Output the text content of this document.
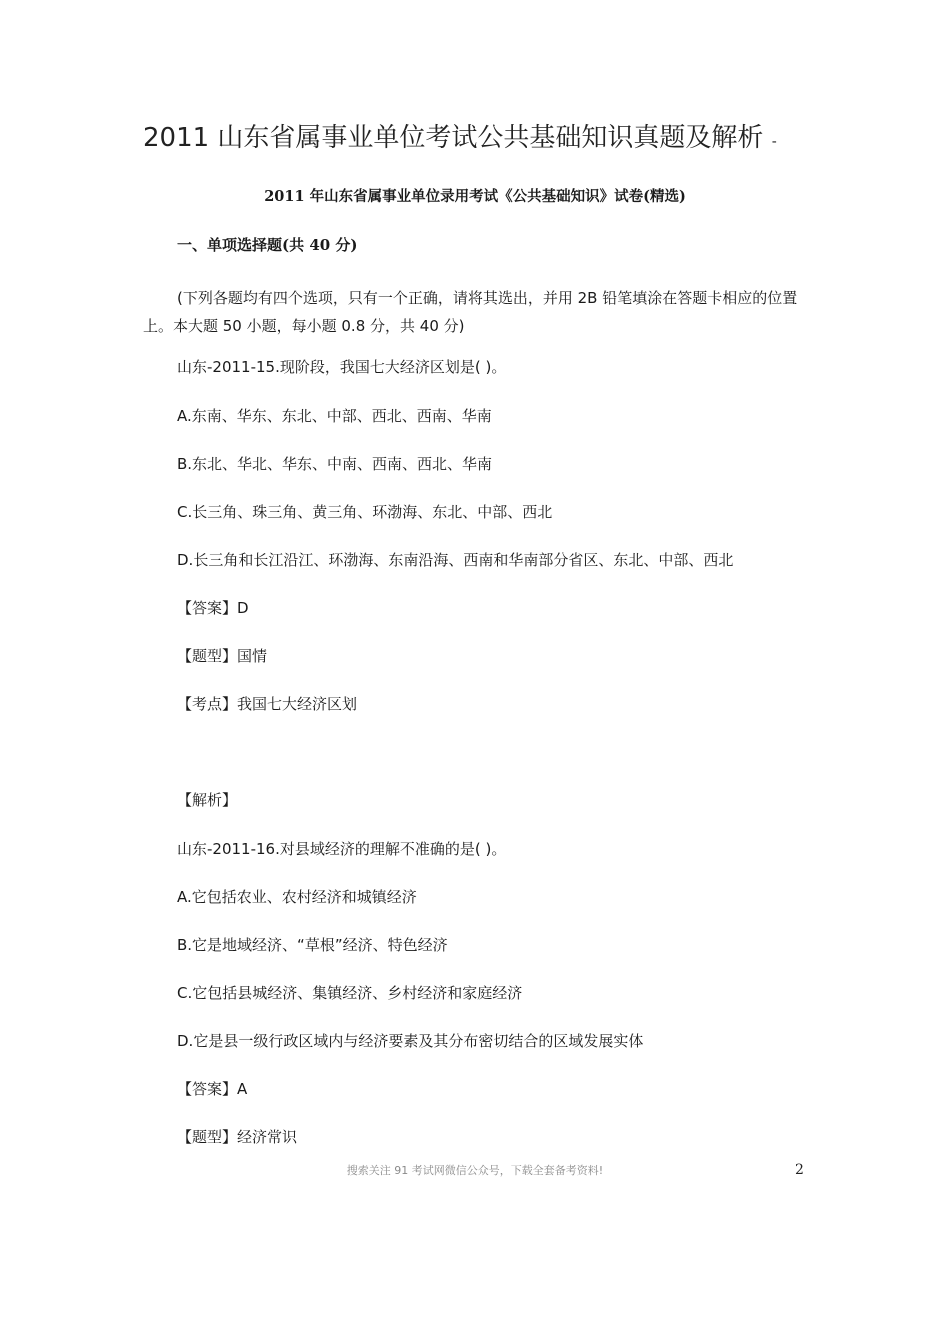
2011 山东省属事业单位考试公共基础知识真题及解析 -
2011 年山东省属事业单位录用考试《公共基础知识》试卷(精选)
一、单项选择题(共 40 分)
(下列各题均有四个选项，只有一个正确，请将其选出，并用 2B 铅笔填涂在答题卡相应的位置上。本大题 50 小题，每小题 0.8 分，共 40 分)
山东-2011-15.现阶段，我国七大经济区划是( )。
A.东南、华东、东北、中部、西北、西南、华南
B.东北、华北、华东、中南、西南、西北、华南
C.长三角、珠三角、黄三角、环渤海、东北、中部、西北
D.长三角和长江沿江、环渤海、东南沿海、西南和华南部分省区、东北、中部、西北
【答案】D
【题型】国情
【考点】我国七大经济区划
【解析】
山东-2011-16.对县域经济的理解不准确的是( )。
A.它包括农业、农村经济和城镇经济
B.它是地域经济、“草根”经济、特色经济
C.它包括县城经济、集镇经济、乡村经济和家庭经济
D.它是县一级行政区域内与经济要素及其分布密切结合的区域发展实体
【答案】A
【题型】经济常识
搜索关注 91 考试网微信公众号，下载全套备考资料!	2
